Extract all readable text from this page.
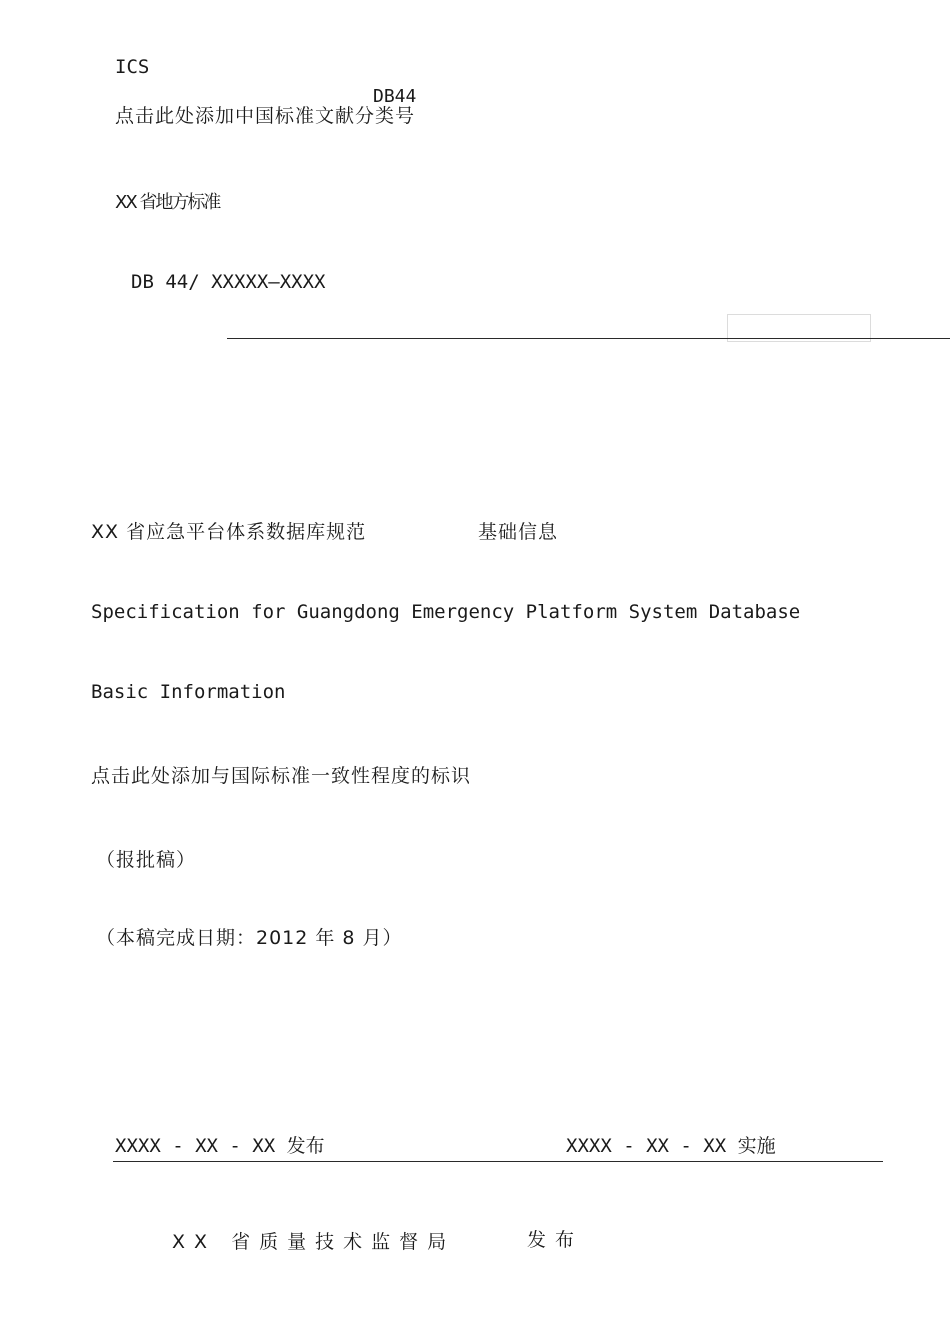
ICS
DB44
点击此处添加中国标准文献分类号
XX 省地方标准
DB 44/ XXXXX—XXXX
XX 省应急平台体系数据库规范	基础信息
Specification for Guangdong Emergency Platform System Database
Basic Information
点击此处添加与国际标准一致性程度的标识
（报批稿）
（本稿完成日期：2012 年 8 月）
XXXX - XX - XX 发布	XXXX - XX - XX 实施
XX 省质量技术监督局	发布
